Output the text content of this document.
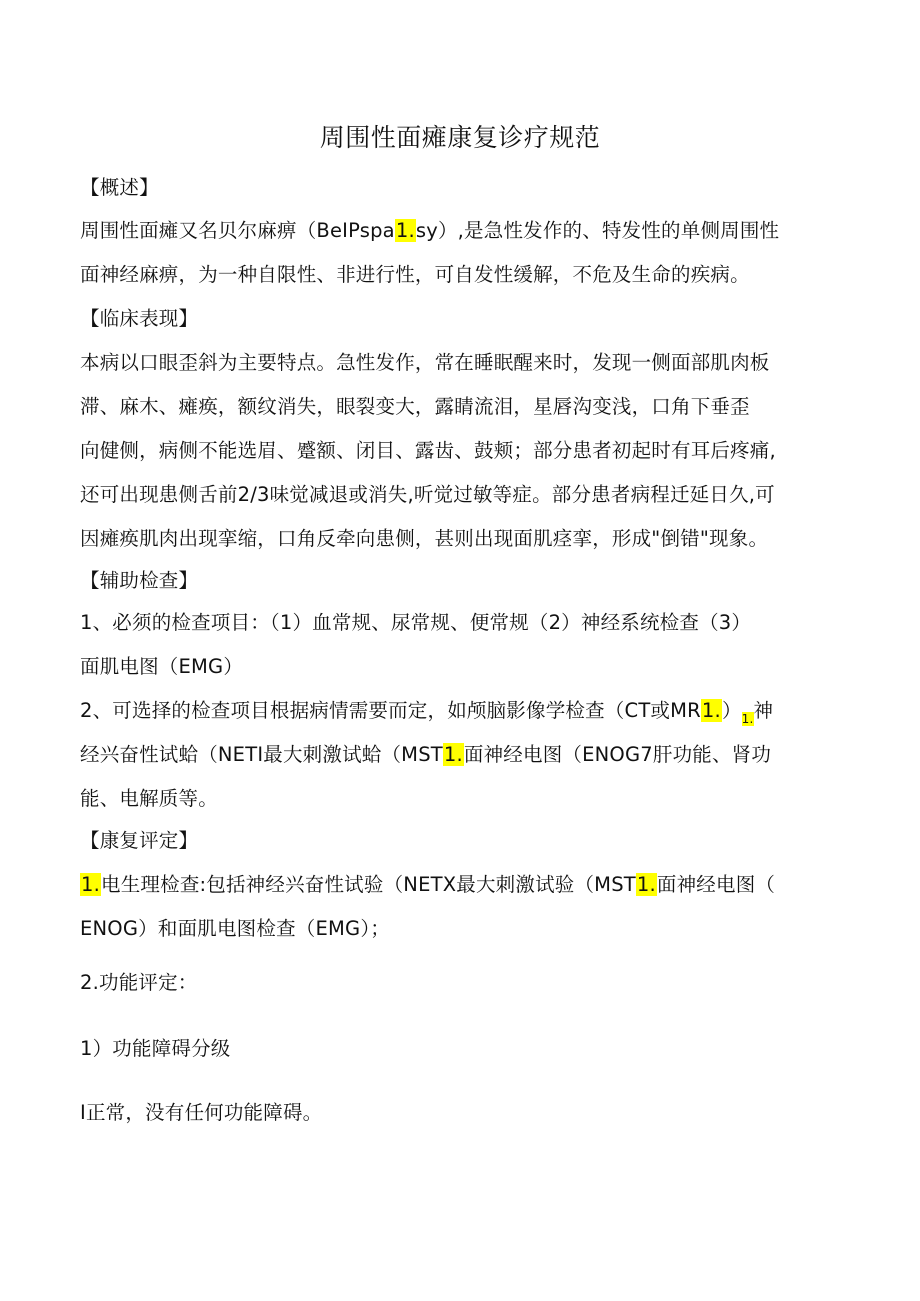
周围性面瘫康复诊疗规范
【概述】
周围性面瘫又名贝尔麻痹（BeIPspa1.sy）,是急性发作的、特发性的单侧周围性
面神经麻痹，为一种自限性、非进行性，可自发性缓解，不危及生命的疾病。
【临床表现】
本病以口眼歪斜为主要特点。急性发作，常在睡眠醒来时，发现一侧面部肌肉板
滞、麻木、瘫痪，额纹消失，眼裂变大，露睛流泪，星唇沟变浅，口角下垂歪
向健侧，病侧不能选眉、蹙额、闭目、露齿、鼓颊；部分患者初起时有耳后疼痛,
还可出现患侧舌前2/3味觉减退或消失,听觉过敏等症。部分患者病程迁延日久,可
因瘫痪肌肉出现挛缩，口角反牵向患侧，甚则出现面肌痉挛，形成"倒错"现象。
【辅助检查】
1、必须的检查项目：（1）血常规、尿常规、便常规（2）神经系统检查（3）
面肌电图（EMG）
2、可选择的检查项目根据病情需要而定，如颅脑影像学检查（CT或$MR1.)_{1.}$神
经兴奋性试蛤（NETI最大刺激试蛤（MST1.面神经电图（ENOG7肝功能、肾功
能、电解质等。
【康复评定】
1.电生理检查:包括神经兴奋性试验（NETX最大刺激试验（MST1.面神经电图（
ENOG）和面肌电图检查（EMG）；
2.功能评定：
1）功能障碍分级
I正常，没有任何功能障碍。
